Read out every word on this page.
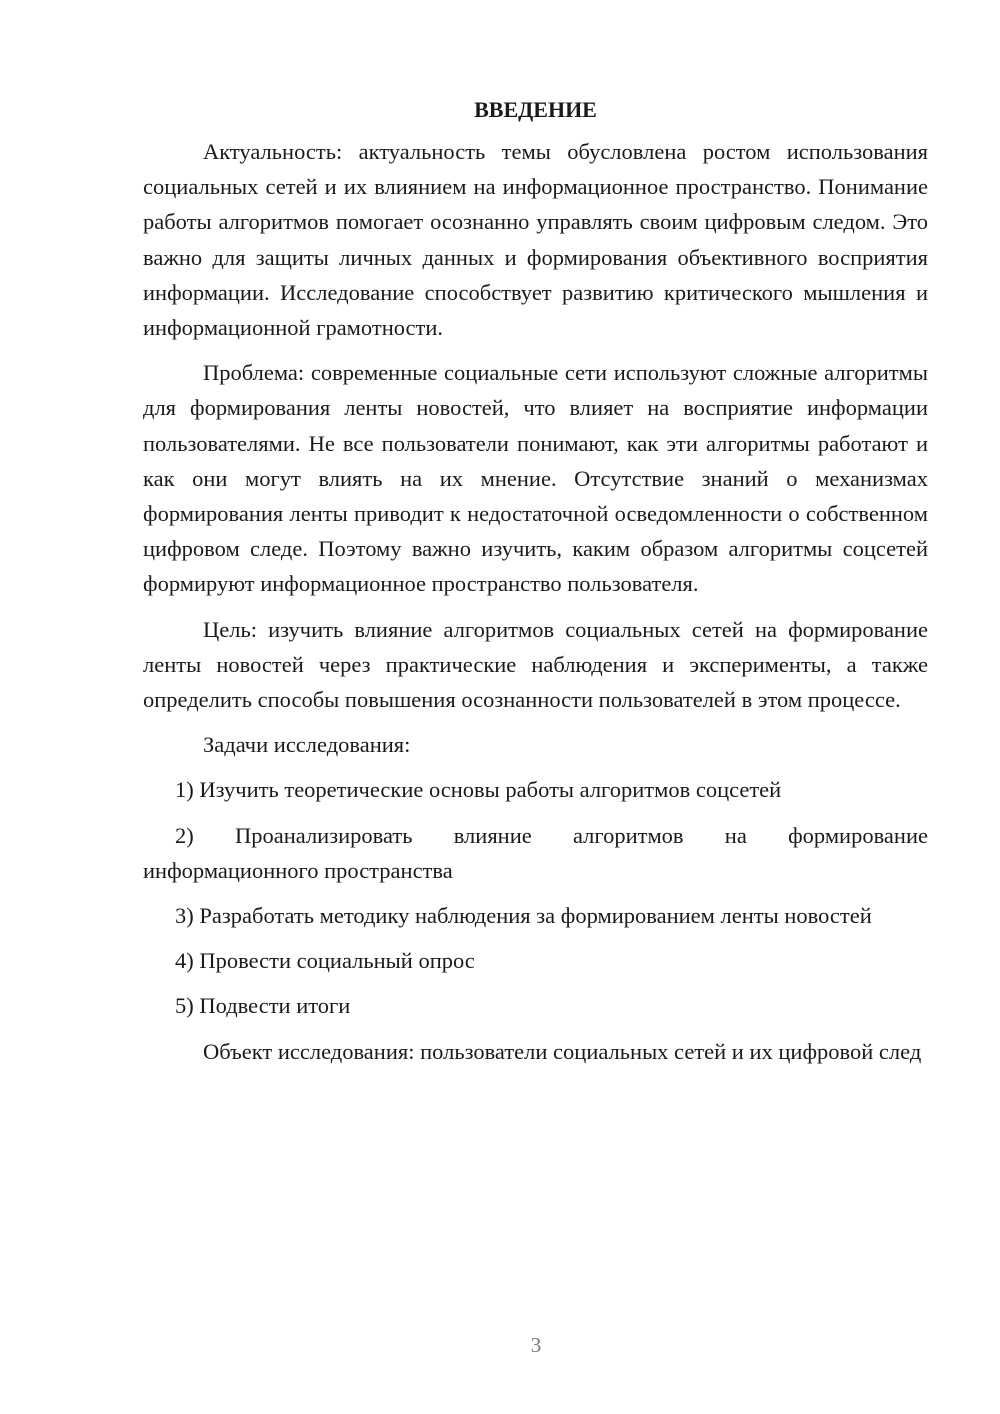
ВВЕДЕНИЕ

Актуальность: актуальность темы обусловлена ростом использования социальных сетей и их влиянием на информационное пространство. Понимание работы алгоритмов помогает осознанно управлять своим цифровым следом. Это важно для защиты личных данных и формирования объективного восприятия информации. Исследование способствует развитию критического мышления и информационной грамотности.

Проблема: современные социальные сети используют сложные алгоритмы для формирования ленты новостей, что влияет на восприятие информации пользователями. Не все пользователи понимают, как эти алгоритмы работают и как они могут влиять на их мнение. Отсутствие знаний о механизмах формирования ленты приводит к недостаточной осведомленности о собственном цифровом следе. Поэтому важно изучить, каким образом алгоритмы соцсетей формируют информационное пространство пользователя.

Цель: изучить влияние алгоритмов социальных сетей на формирование ленты новостей через практические наблюдения и эксперименты, а также определить способы повышения осознанности пользователей в этом процессе.

Задачи исследования:

1) Изучить теоретические основы работы алгоритмов соцсетей

2) Проанализировать влияние алгоритмов на формирование информационного пространства

3) Разработать методику наблюдения за формированием ленты новостей

4) Провести социальный опрос

5) Подвести итоги

Объект исследования: пользователи социальных сетей и их цифровой след

3
